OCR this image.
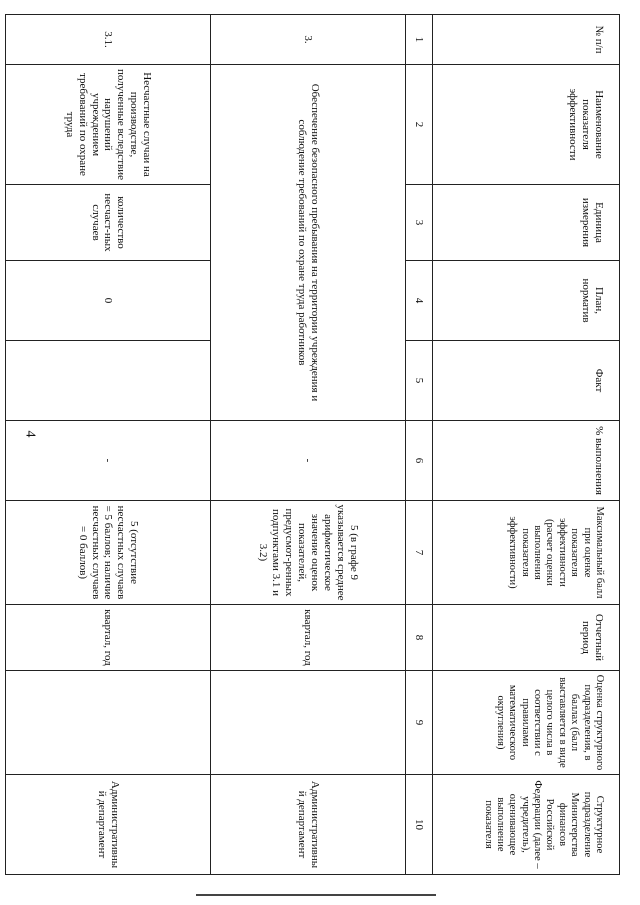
4
№ п/п	Наименование показателя эффективности	Единица измерения	План, норматив	Факт	% выполнения	Максимальный балл при оценке показателя эффективности (расчет оценки выполнения показателя эффективности)	Отчетный период	Оценка структурного подразделения, в баллах (балл выставляется в виде целого числа в соответствии с правилами математического округления)	Структурное подразделение Министерства финансов Российской Федерации (далее – учредитель), оценивающее выполнение показателя
1	2	3	4	5	6	7	8	9	10
3.	Обеспечение безопасного пребывания на территории учреждения и соблюдение требований по охране труда работников				-	5 (в графе 9 указывается среднее арифметическое значение оценок показателей, предусмот-ренных подпунктами 3.1 и 3.2)	квартал, год		Административный департамент
3.1.	Несчастные случаи на производстве, полученные вследствие нарушений учреждением требований по охране труда	количество несчаст-ных случаев	0		-	5 (отсутствие несчастных случаев = 5 баллов; наличие несчастных случаев = 0 баллов)	квартал, год		Административный департамент
